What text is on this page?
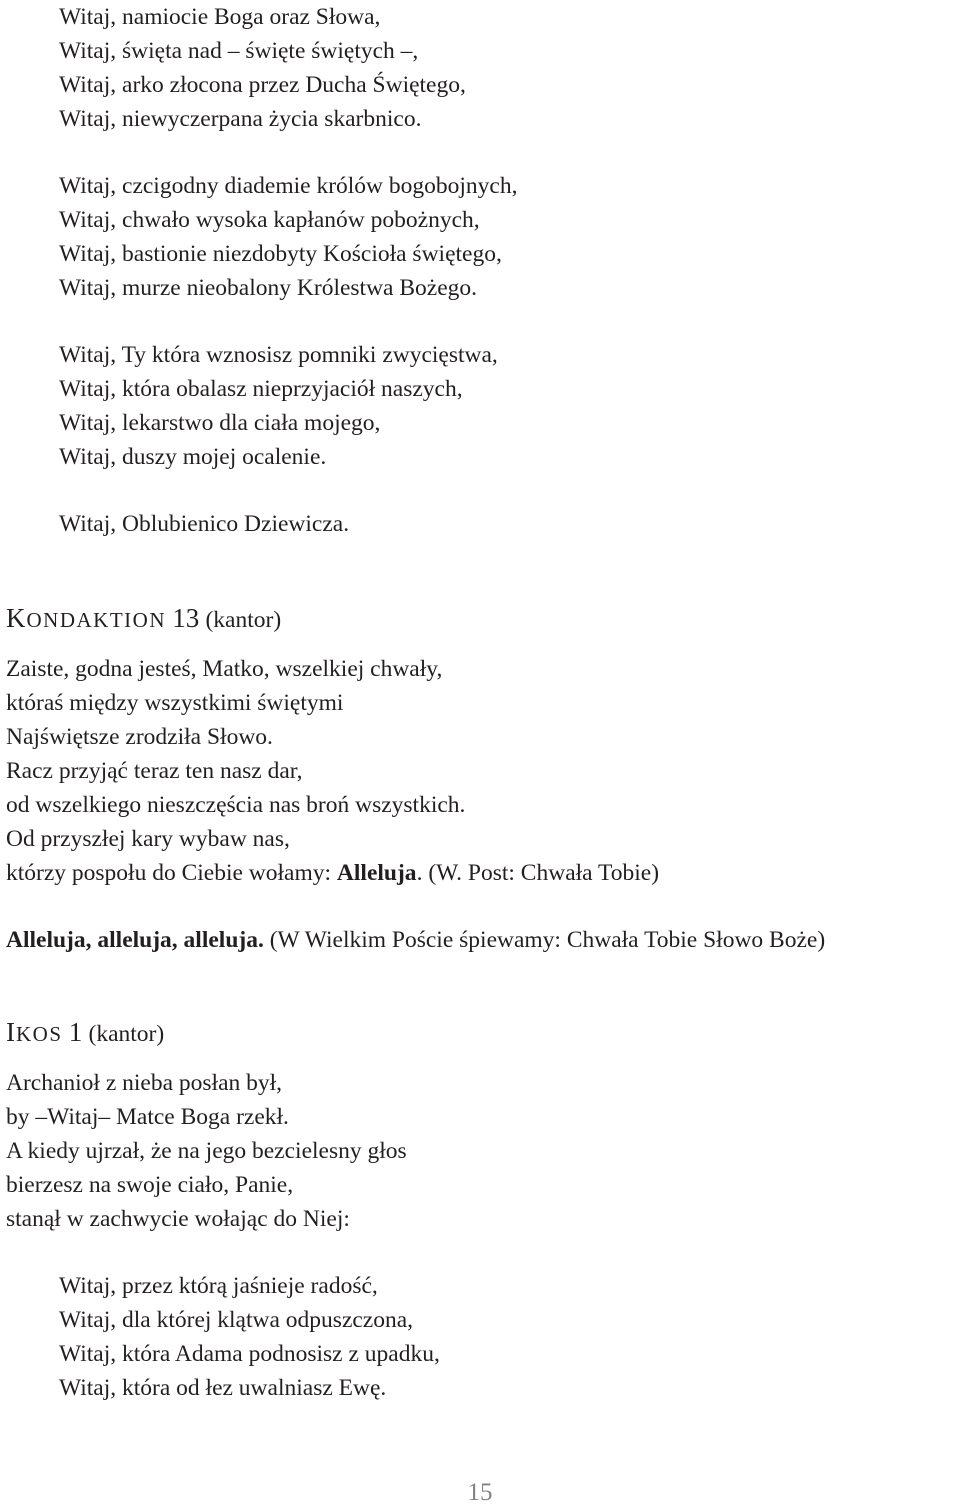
Witaj, namiocie Boga oraz Słowa,
Witaj, święta nad – święte świętych –,
Witaj, arko złocona przez Ducha Świętego,
Witaj, niewyczerpana życia skarbnico.
Witaj, czcigodny diademie królów bogobojnych,
Witaj, chwało wysoka kapłanów pobożnych,
Witaj, bastionie niezdobyty Kościoła świętego,
Witaj, murze nieobalony Królestwa Bożego.
Witaj, Ty która wznosisz pomniki zwycięstwa,
Witaj, która obalasz nieprzyjaciół naszych,
Witaj, lekarstwo dla ciała mojego,
Witaj, duszy mojej ocalenie.
Witaj, Oblubienico Dziewicza.
KONDAKTION 13 (kantor)
Zaiste, godna jesteś, Matko, wszelkiej chwały,
któraś między wszystkimi świętymi
Najświętsze zrodziła Słowo.
Racz przyjąć teraz ten nasz dar,
od wszelkiego nieszczęścia nas broń wszystkich.
Od przyszłej kary wybaw nas,
którzy pospołu do Ciebie wołamy: Alleluja. (W. Post: Chwała Tobie)
Alleluja, alleluja, alleluja. (W Wielkim Poście śpiewamy: Chwała Tobie Słowo Boże)
IKOS 1 (kantor)
Archanioł z nieba posłan był,
by –Witaj– Matce Boga rzekł.
A kiedy ujrzał, że na jego bezcielesny głos
bierzesz na swoje ciało, Panie,
stanął w zachwycie wołając do Niej:
Witaj, przez którą jaśnieje radość,
Witaj, dla której klątwa odpuszczona,
Witaj, która Adama podnosisz z upadku,
Witaj, która od łez uwalniasz Ewę.
15
